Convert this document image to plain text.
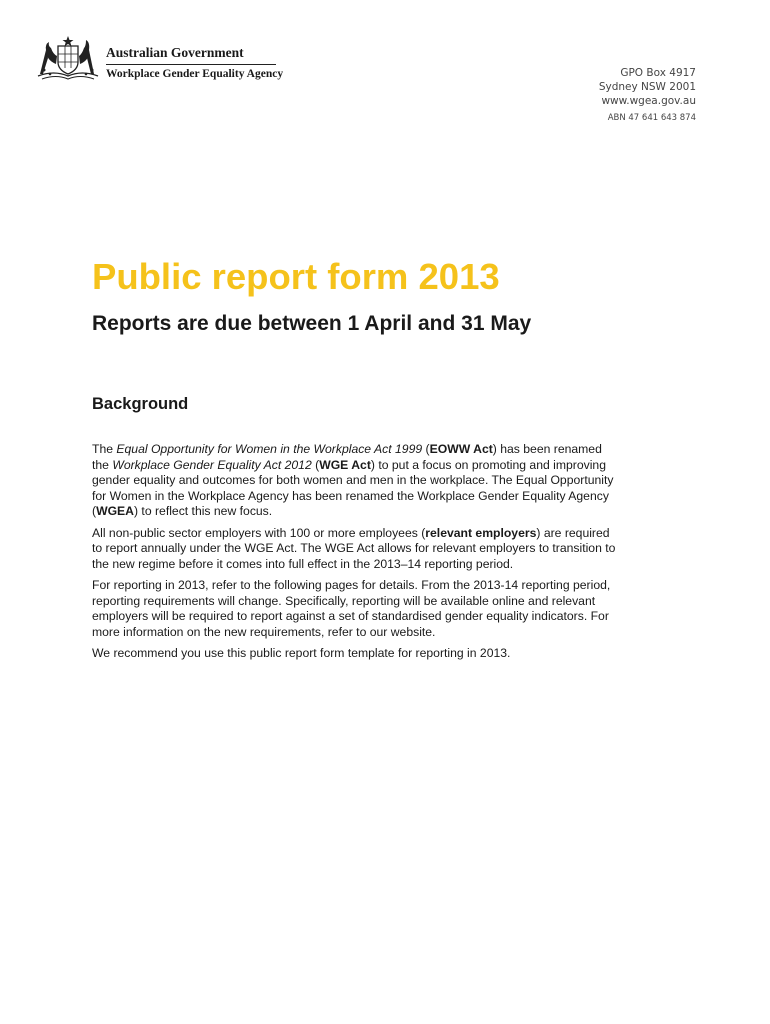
Australian Government
Workplace Gender Equality Agency	GPO Box 4917
Sydney NSW 2001
www.wgea.gov.au
ABN 47 641 643 874
Public report form 2013
Reports are due between 1 April and 31 May
Background

The Equal Opportunity for Women in the Workplace Act 1999 (EOWW Act) has been renamed
the Workplace Gender Equality Act 2012 (WGE Act) to put a focus on promoting and improving
gender equality and outcomes for both women and men in the workplace. The Equal Opportunity
for Women in the Workplace Agency has been renamed the Workplace Gender Equality Agency
(WGEA) to reflect this new focus.

All non-public sector employers with 100 or more employees (relevant employers) are required
to report annually under the WGE Act. The WGE Act allows for relevant employers to transition to
the new regime before it comes into full effect in the 2013–14 reporting period.

For reporting in 2013, refer to the following pages for details. From the 2013-14 reporting period,
reporting requirements will change. Specifically, reporting will be available online and relevant
employers will be required to report against a set of standardised gender equality indicators. For
more information on the new requirements, refer to our website.

We recommend you use this public report form template for reporting in 2013.
